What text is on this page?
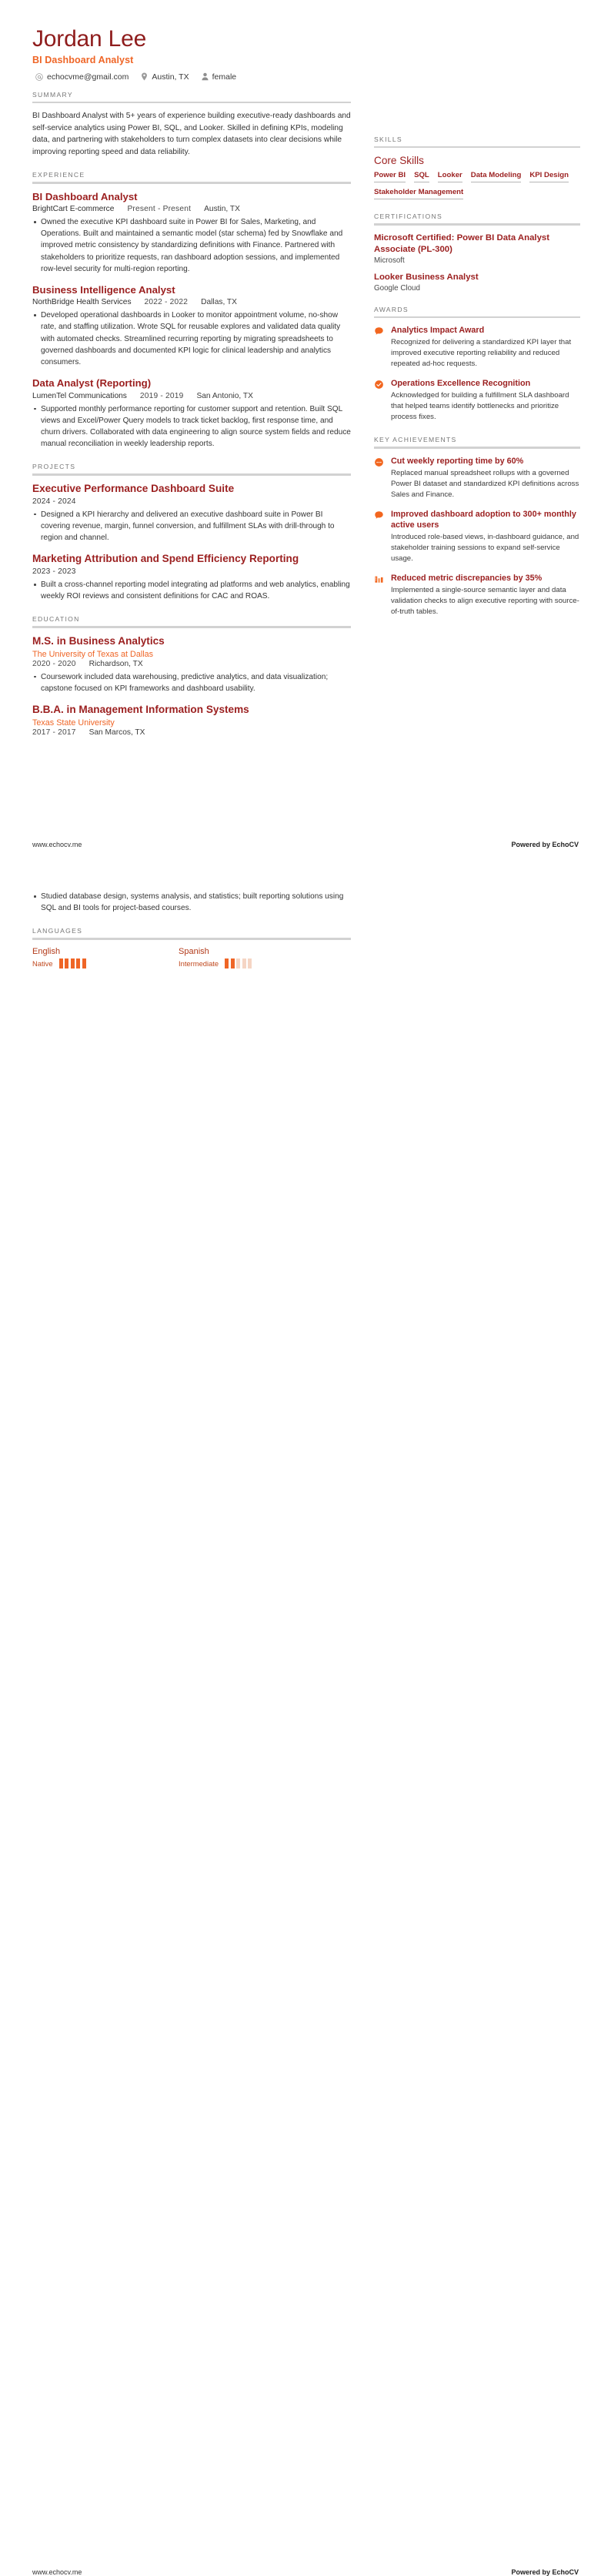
Jordan Lee
BI Dashboard Analyst
echocvme@gmail.com	Austin, TX	female
SUMMARY
BI Dashboard Analyst with 5+ years of experience building executive-ready dashboards and self-service analytics using Power BI, SQL, and Looker. Skilled in defining KPIs, modeling data, and partnering with stakeholders to turn complex datasets into clear decisions while improving reporting speed and data reliability.
EXPERIENCE
BI Dashboard Analyst
BrightCart E-commerce Present - Present Austin, TX
Owned the executive KPI dashboard suite in Power BI for Sales, Marketing, and Operations. Built and maintained a semantic model (star schema) fed by Snowflake and improved metric consistency by standardizing definitions with Finance. Partnered with stakeholders to prioritize requests, ran dashboard adoption sessions, and implemented row-level security for multi-region reporting.
Business Intelligence Analyst
NorthBridge Health Services 2022 - 2022 Dallas, TX
Developed operational dashboards in Looker to monitor appointment volume, no-show rate, and staffing utilization. Wrote SQL for reusable explores and validated data quality with automated checks. Streamlined recurring reporting by migrating spreadsheets to governed dashboards and documented KPI logic for clinical leadership and analytics consumers.
Data Analyst (Reporting)
LumenTel Communications 2019 - 2019 San Antonio, TX
Supported monthly performance reporting for customer support and retention. Built SQL views and Excel/Power Query models to track ticket backlog, first response time, and churn drivers. Collaborated with data engineering to align source system fields and reduce manual reconciliation in weekly leadership reports.
PROJECTS
Executive Performance Dashboard Suite
2024 - 2024
Designed a KPI hierarchy and delivered an executive dashboard suite in Power BI covering revenue, margin, funnel conversion, and fulfillment SLAs with drill-through to region and channel.
Marketing Attribution and Spend Efficiency Reporting
2023 - 2023
Built a cross-channel reporting model integrating ad platforms and web analytics, enabling weekly ROI reviews and consistent definitions for CAC and ROAS.
EDUCATION
M.S. in Business Analytics
The University of Texas at Dallas
2020 - 2020 Richardson, TX
Coursework included data warehousing, predictive analytics, and data visualization; capstone focused on KPI frameworks and dashboard usability.
B.B.A. in Management Information Systems
Texas State University
2017 - 2017 San Marcos, TX
SKILLS
Core Skills
Power BI SQL Looker Data Modeling KPI Design
Stakeholder Management
CERTIFICATIONS
Microsoft Certified: Power BI Data Analyst Associate (PL-300)
Microsoft
Looker Business Analyst
Google Cloud
AWARDS
Analytics Impact Award
Recognized for delivering a standardized KPI layer that improved executive reporting reliability and reduced repeated ad-hoc requests.
Operations Excellence Recognition
Acknowledged for building a fulfillment SLA dashboard that helped teams identify bottlenecks and prioritize process fixes.
KEY ACHIEVEMENTS
Cut weekly reporting time by 60%
Replaced manual spreadsheet rollups with a governed Power BI dataset and standardized KPI definitions across Sales and Finance.
Improved dashboard adoption to 300+ monthly active users
Introduced role-based views, in-dashboard guidance, and stakeholder training sessions to expand self-service usage.
Reduced metric discrepancies by 35%
Implemented a single-source semantic layer and data validation checks to align executive reporting with source-of-truth tables.
www.echocv.me	Powered by EchoCV
Studied database design, systems analysis, and statistics; built reporting solutions using SQL and BI tools for project-based courses.
LANGUAGES
English
Native
Spanish
Intermediate
www.echocv.me	Powered by EchoCV
